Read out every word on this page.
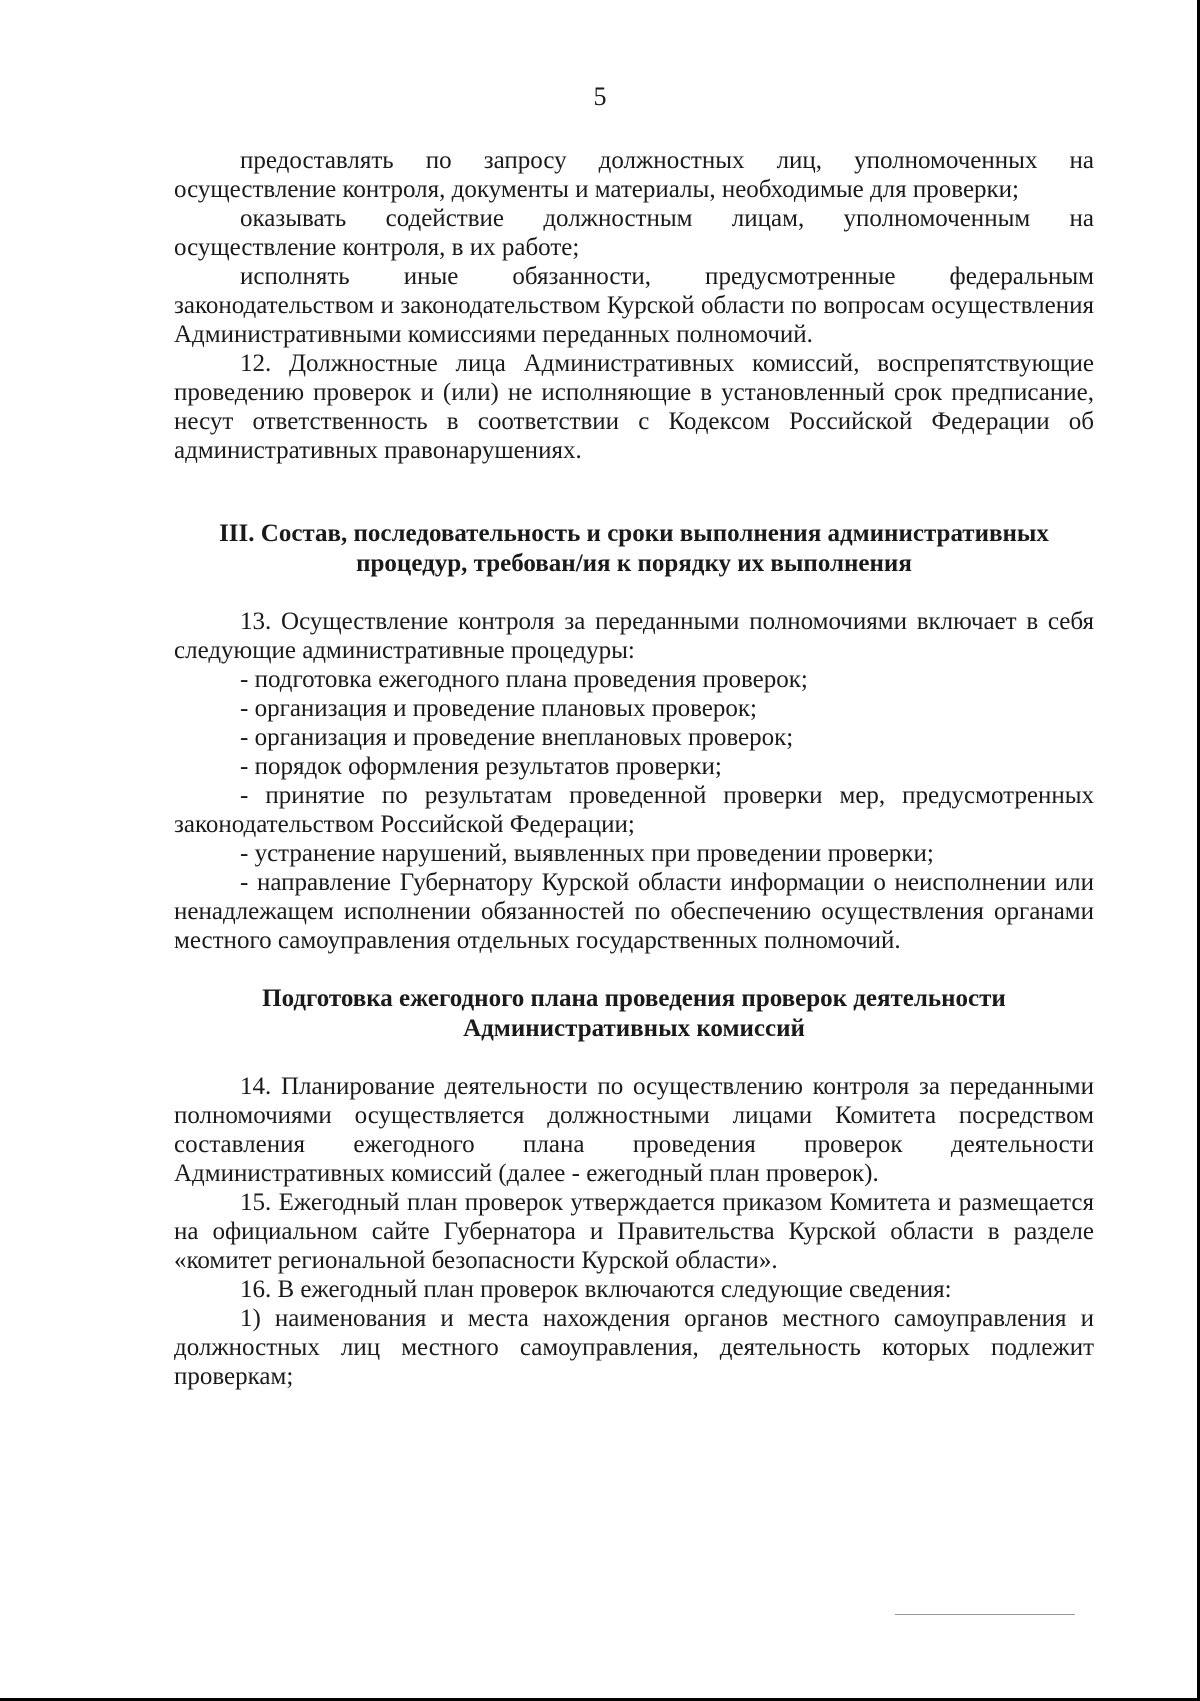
5

предоставлять по запросу должностных лиц, уполномоченных на осуществление контроля, документы и материалы, необходимые для проверки;

оказывать содействие должностным лицам, уполномоченным на осуществление контроля, в их работе;

исполнять иные обязанности, предусмотренные федеральным законодательством и законодательством Курской области по вопросам осуществления Административными комиссиями переданных полномочий.

12. Должностные лица Административных комиссий, воспрепятствующие проведению проверок и (или) не исполняющие в установленный срок предписание, несут ответственность в соответствии с Кодексом Российской Федерации об административных правонарушениях.

III. Состав, последовательность и сроки выполнения административных
процедур, требован/ия к порядку их выполнения

13. Осуществление контроля за переданными полномочиями включает в себя следующие административные процедуры:

- подготовка ежегодного плана проведения проверок;

- организация и проведение плановых проверок;

- организация и проведение внеплановых проверок;

- порядок оформления результатов проверки;

- принятие по результатам проведенной проверки мер, предусмотренных законодательством Российской Федерации;

- устранение нарушений, выявленных при проведении проверки;

- направление Губернатору Курской области информации о неисполнении или ненадлежащем исполнении обязанностей по обеспечению осуществления органами местного самоуправления отдельных государственных полномочий.

Подготовка ежегодного плана проведения проверок деятельности
Административных комиссий

14. Планирование деятельности по осуществлению контроля за переданными полномочиями осуществляется должностными лицами Комитета посредством составления ежегодного плана проведения проверок деятельности Административных комиссий (далее - ежегодный план проверок).

15. Ежегодный план проверок утверждается приказом Комитета и размещается на официальном сайте Губернатора и Правительства Курской области в разделе «комитет региональной безопасности Курской области».

16. В ежегодный план проверок включаются следующие сведения:

1) наименования и места нахождения органов местного самоуправления и должностных лиц местного самоуправления, деятельность которых подлежит проверкам;
